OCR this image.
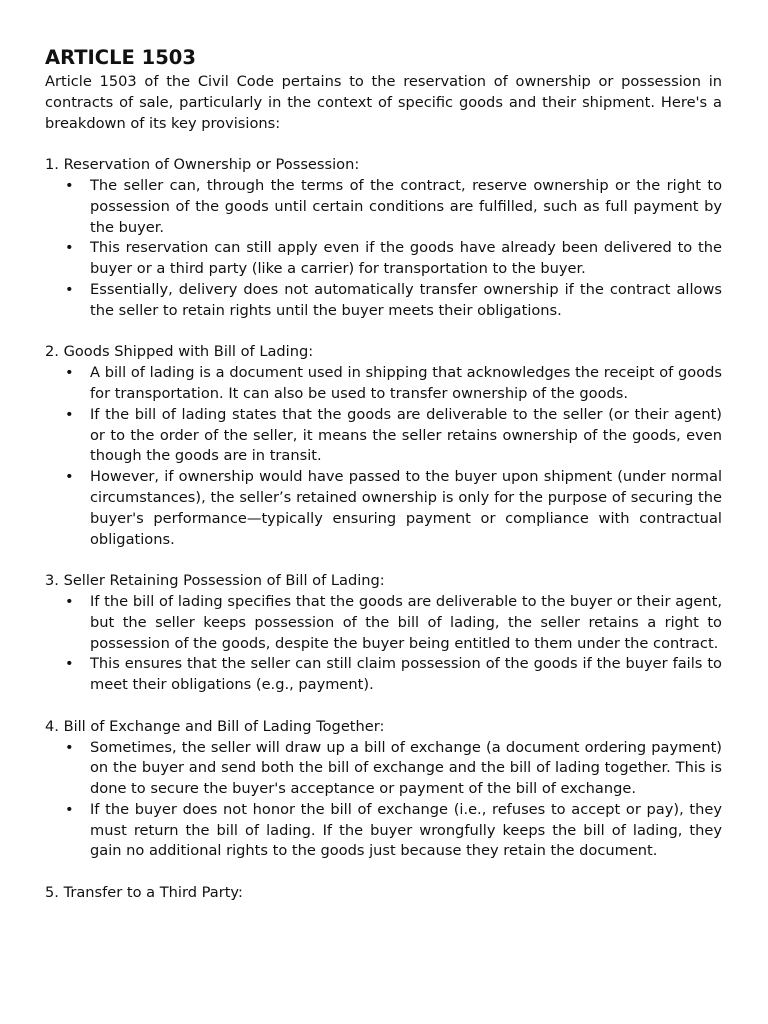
ARTICLE 1503

Article 1503 of the Civil Code pertains to the reservation of ownership or possession in contracts of sale, particularly in the context of specific goods and their shipment. Here's a breakdown of its key provisions:

1. Reservation of Ownership or Possession:
• The seller can, through the terms of the contract, reserve ownership or the right to possession of the goods until certain conditions are fulfilled, such as full payment by the buyer.
• This reservation can still apply even if the goods have already been delivered to the buyer or a third party (like a carrier) for transportation to the buyer.
• Essentially, delivery does not automatically transfer ownership if the contract allows the seller to retain rights until the buyer meets their obligations.
2. Goods Shipped with Bill of Lading:
• A bill of lading is a document used in shipping that acknowledges the receipt of goods for transportation. It can also be used to transfer ownership of the goods.
• If the bill of lading states that the goods are deliverable to the seller (or their agent) or to the order of the seller, it means the seller retains ownership of the goods, even though the goods are in transit.
• However, if ownership would have passed to the buyer upon shipment (under normal circumstances), the seller’s retained ownership is only for the purpose of securing the buyer's performance—typically ensuring payment or compliance with contractual obligations.
3. Seller Retaining Possession of Bill of Lading:
• If the bill of lading specifies that the goods are deliverable to the buyer or their agent, but the seller keeps possession of the bill of lading, the seller retains a right to possession of the goods, despite the buyer being entitled to them under the contract.
• This ensures that the seller can still claim possession of the goods if the buyer fails to meet their obligations (e.g., payment).
4. Bill of Exchange and Bill of Lading Together:
• Sometimes, the seller will draw up a bill of exchange (a document ordering payment) on the buyer and send both the bill of exchange and the bill of lading together. This is done to secure the buyer's acceptance or payment of the bill of exchange.
• If the buyer does not honor the bill of exchange (i.e., refuses to accept or pay), they must return the bill of lading. If the buyer wrongfully keeps the bill of lading, they gain no additional rights to the goods just because they retain the document.
5. Transfer to a Third Party:
